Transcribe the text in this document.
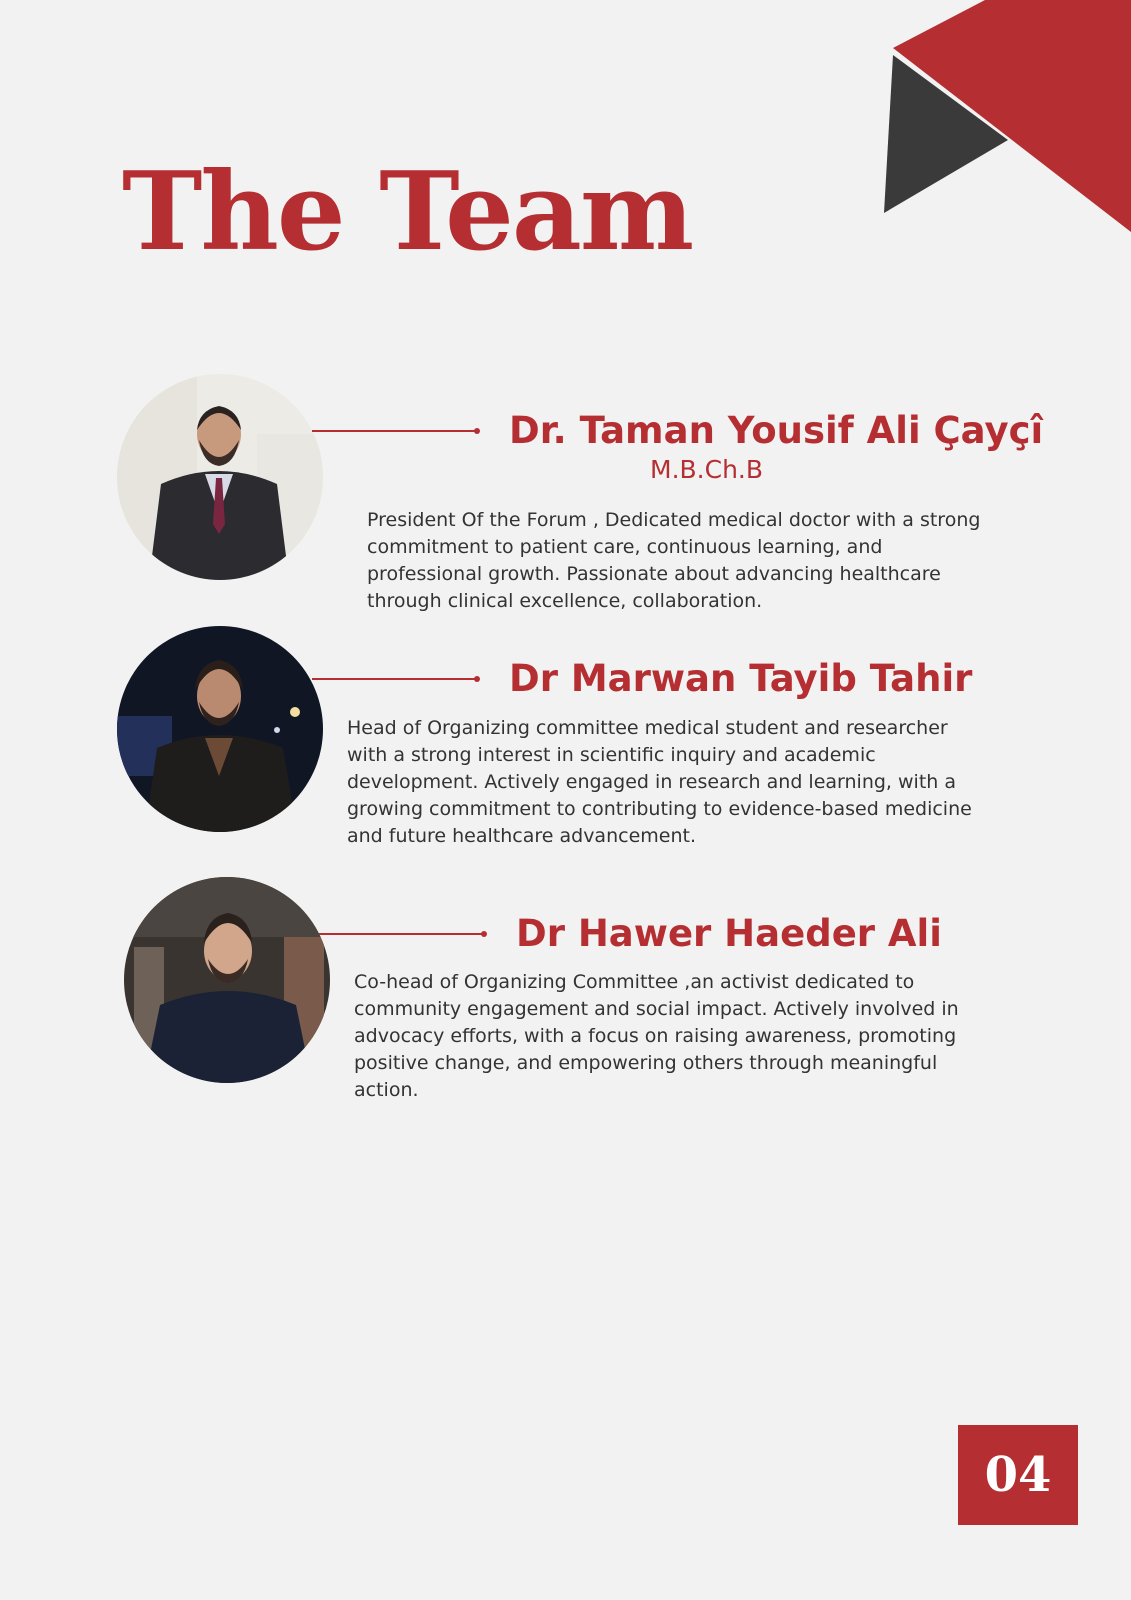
The Team
Dr. Taman Yousif Ali Çayçî
M.B.Ch.B

President Of the Forum , Dedicated medical doctor with a strong commitment to patient care, continuous learning, and professional growth. Passionate about advancing healthcare through clinical excellence, collaboration.

Dr Marwan Tayib Tahir

Head of Organizing committee medical student and researcher with a strong interest in scientific inquiry and academic development. Actively engaged in research and learning, with a growing commitment to contributing to evidence-based medicine and future healthcare advancement.

Dr Hawer Haeder Ali

Co-head of Organizing Committee ,an activist dedicated to community engagement and social impact. Actively involved in advocacy efforts, with a focus on raising awareness, promoting positive change, and empowering others through meaningful action.

04
